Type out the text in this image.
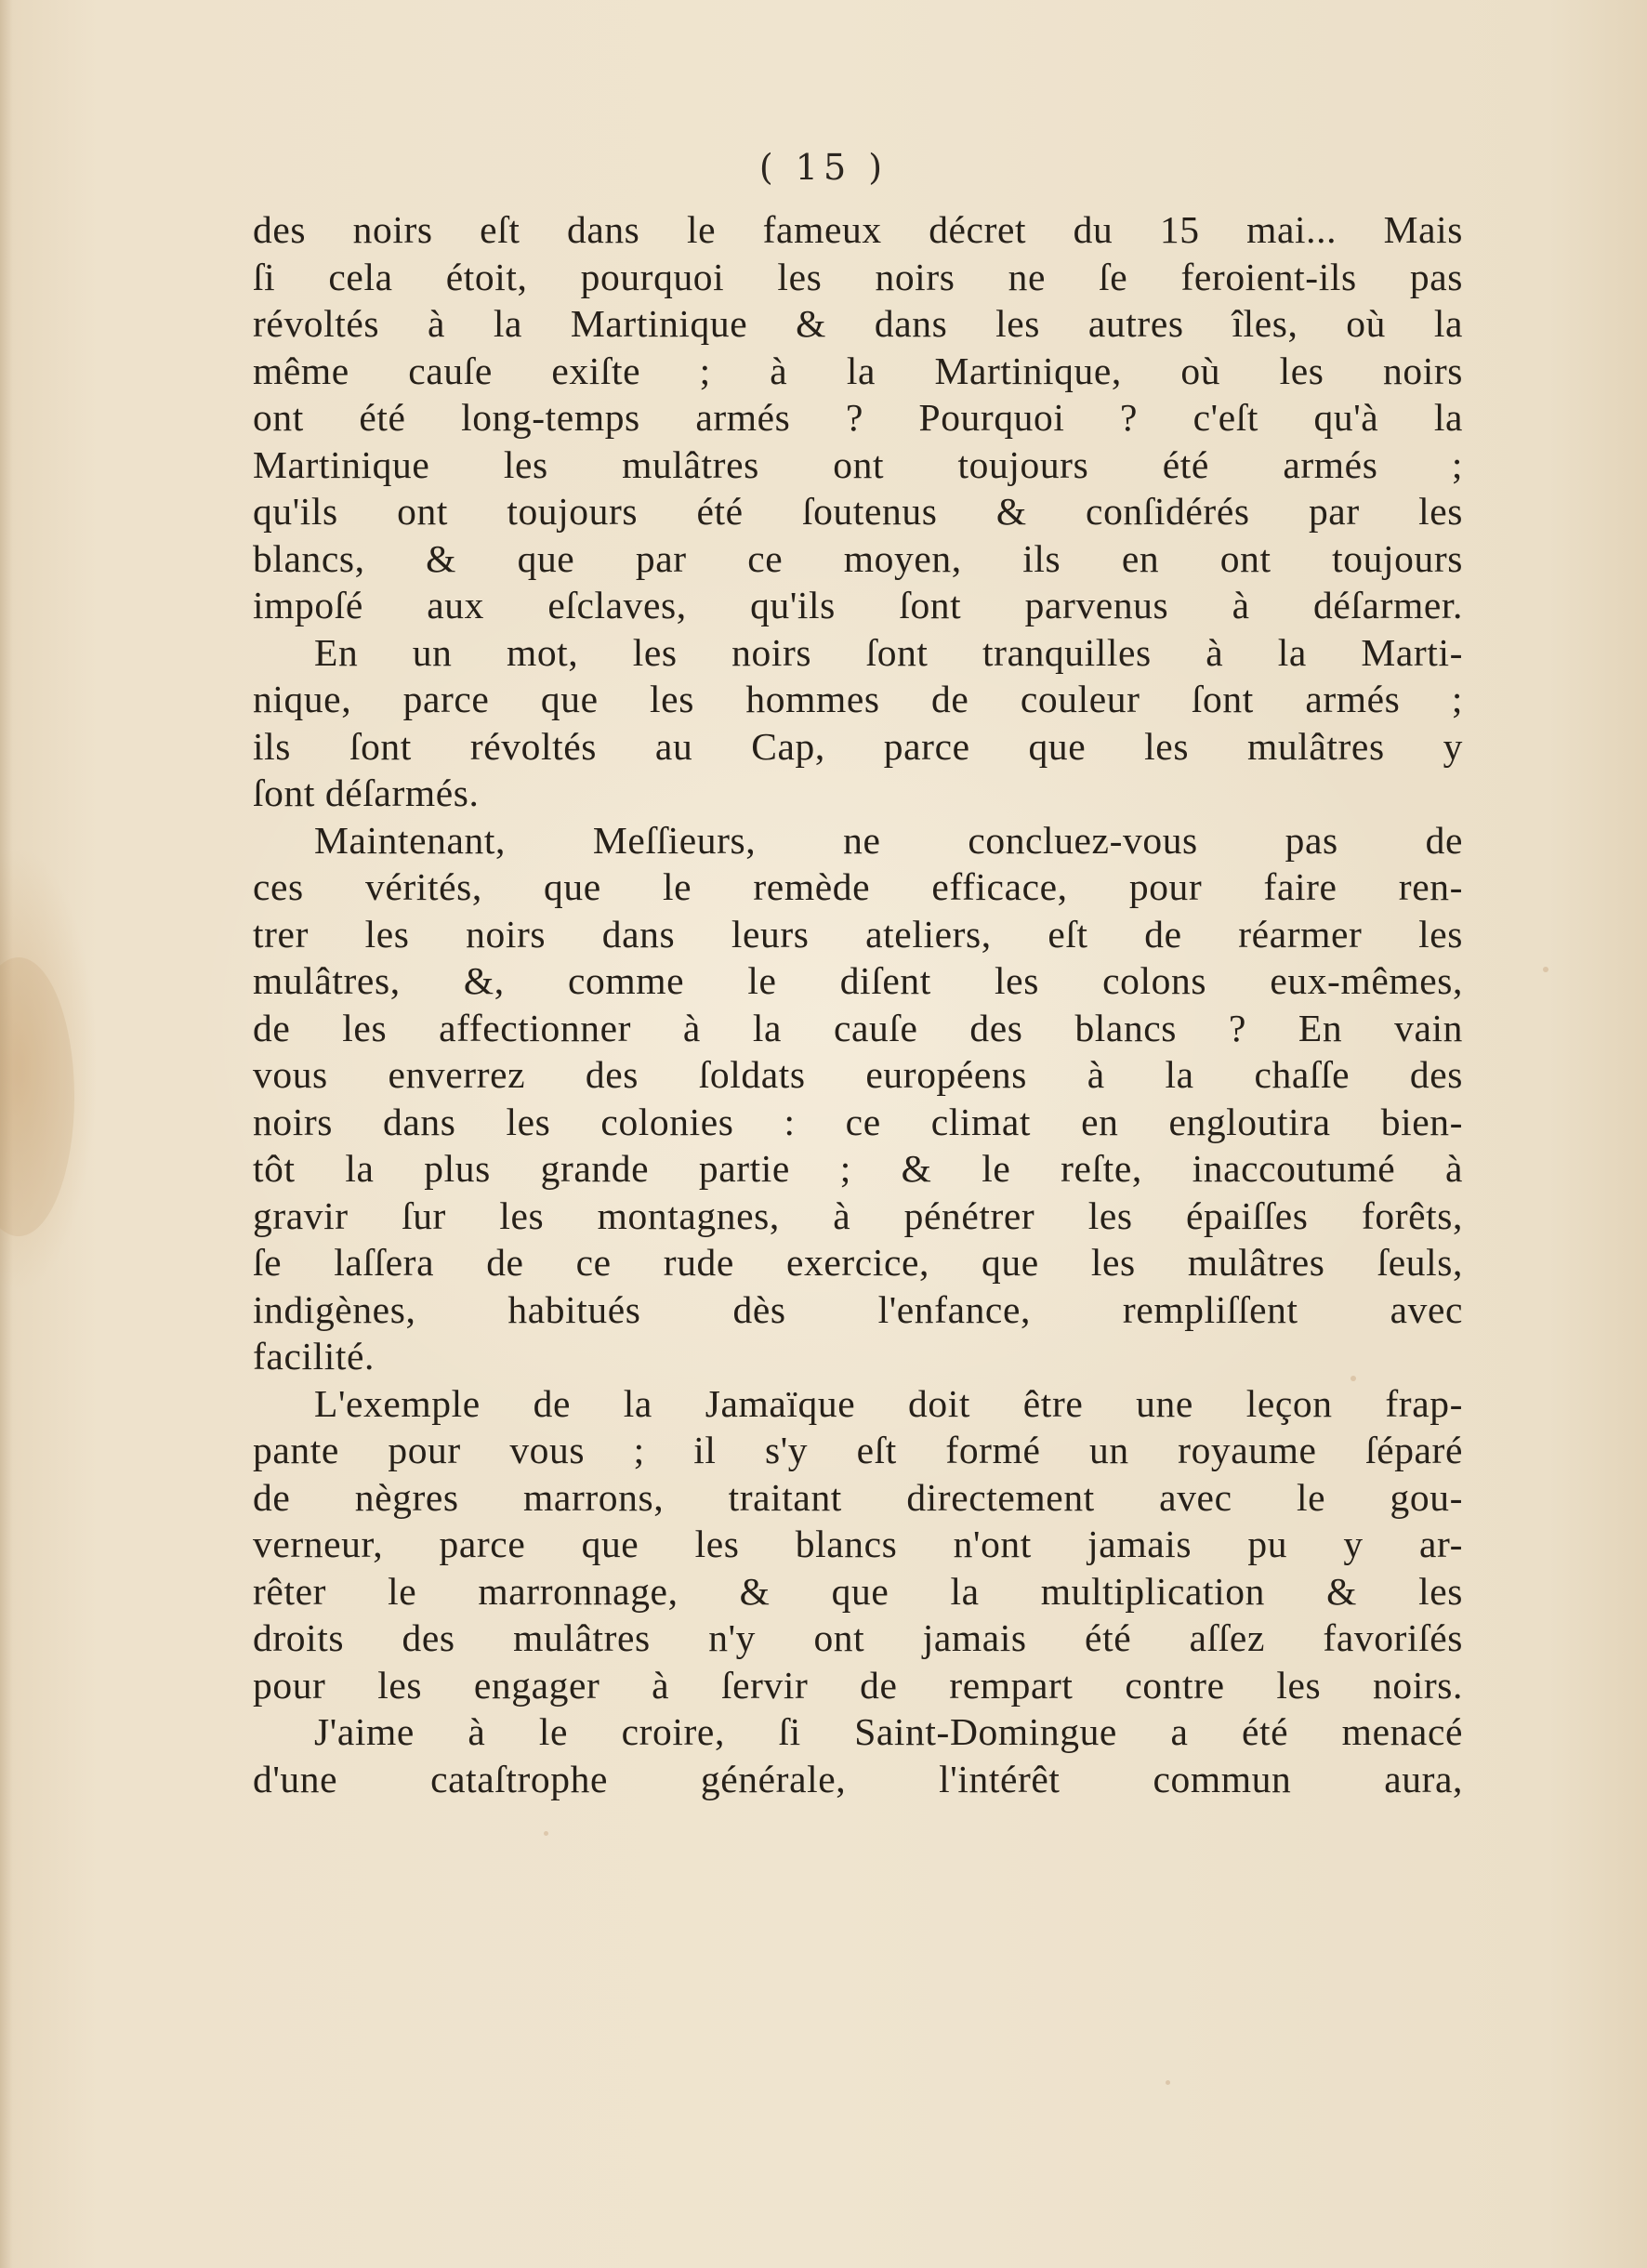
( 15 )
des noirs eſt dans le fameux décret du 15 mai... Mais
ſi cela étoit, pourquoi les noirs ne ſe feroient-ils pas
révoltés à la Martinique & dans les autres îles, où la
même cauſe exiſte ; à la Martinique, où les noirs
ont été long-temps armés ? Pourquoi ? c'eſt qu'à la
Martinique les mulâtres ont toujours été armés ;
qu'ils ont toujours été ſoutenus & conſidérés par les
blancs, & que par ce moyen, ils en ont toujours
impoſé aux eſclaves, qu'ils ſont parvenus à déſarmer.
En un mot, les noirs ſont tranquilles à la Marti-
nique, parce que les hommes de couleur ſont armés ;
ils ſont révoltés au Cap, parce que les mulâtres y
ſont déſarmés.
Maintenant, Meſſieurs, ne concluez-vous pas de
ces vérités, que le remède efficace, pour faire ren-
trer les noirs dans leurs ateliers, eſt de réarmer les
mulâtres, &, comme le diſent les colons eux-mêmes,
de les affectionner à la cauſe des blancs ? En vain
vous enverrez des ſoldats européens à la chaſſe des
noirs dans les colonies : ce climat en engloutira bien-
tôt la plus grande partie ; & le reſte, inaccoutumé à
gravir ſur les montagnes, à pénétrer les épaiſſes forêts,
ſe laſſera de ce rude exercice, que les mulâtres ſeuls,
indigènes, habitués dès l'enfance, rempliſſent avec
facilité.
L'exemple de la Jamaïque doit être une leçon frap-
pante pour vous ; il s'y eſt formé un royaume ſéparé
de nègres marrons, traitant directement avec le gou-
verneur, parce que les blancs n'ont jamais pu y ar-
rêter le marronnage, & que la multiplication & les
droits des mulâtres n'y ont jamais été aſſez favoriſés
pour les engager à ſervir de rempart contre les noirs.
J'aime à le croire, ſi Saint-Domingue a été menacé
d'une cataſtrophe générale, l'intérêt commun aura,
